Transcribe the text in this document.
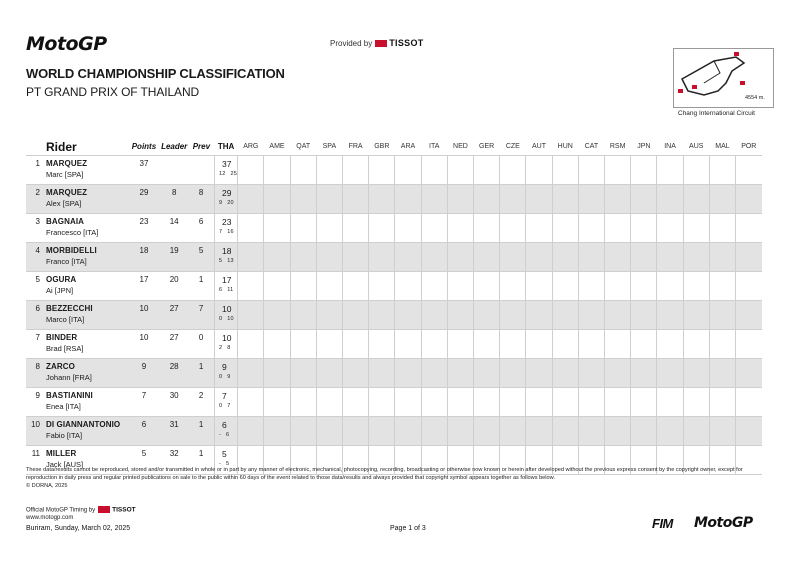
MotoGP	Provided by TISSOT
WORLD CHAMPIONSHIP CLASSIFICATION
PT GRAND PRIX OF THAILAND	4554 m.
Chang International Circuit
Rider	Points	Leader	Prev	THA	ARG	AME	QAT	SPA	FRA	GBR	ARA	ITA	NED	GER	CZE	AUT	HUN	CAT	RSM	JPN	INA	AUS	MAL	POR

1 MARQUEZ
Marc [SPA]	37			37
12 25																				

2 MARQUEZ
Alex [SPA]	29	8	8	29
9 20																				

3 BAGNAIA
Francesco [ITA]	23	14	6	23
7 16																				

4 MORBIDELLI
Franco [ITA]	18	19	5	18
5 13																				

5 OGURA
Ai [JPN]	17	20	1	17
6 11																				

6 BEZZECCHI
Marco [ITA]	10	27	7	10
0 10																				

7 BINDER
Brad [RSA]	10	27	0	10
2 8																				

8 ZARCO
Johann [FRA]	9	28	1	9
0 9																				

9 BASTIANINI
Enea [ITA]	7	30	2	7
0 7																				

10 DI GIANNANTONIO
Fabio [ITA]	6	31	1	6
- 6																				

11 MILLER
Jack [AUS]	5	32	1	5
- 5																				

These data/results cannot be reproduced, stored and/or transmitted in whole or in part by any manner of electronic, mechanical, photocopying, recording, broadcasting or otherwise now known or herein after developed without the previous express consent by the copyright owner, except for reproduction in daily press and regular printed publications on sale to the public within 60 days of the event related to those data/results and always provided that copyright symbol appears together as follows below.
© DORNA, 2025
Official MotoGP Timing by	TISSOT
www.motogp.com
Buriram, Sunday, March 02, 2025	Page 1 of 3	FIM MotoGP
